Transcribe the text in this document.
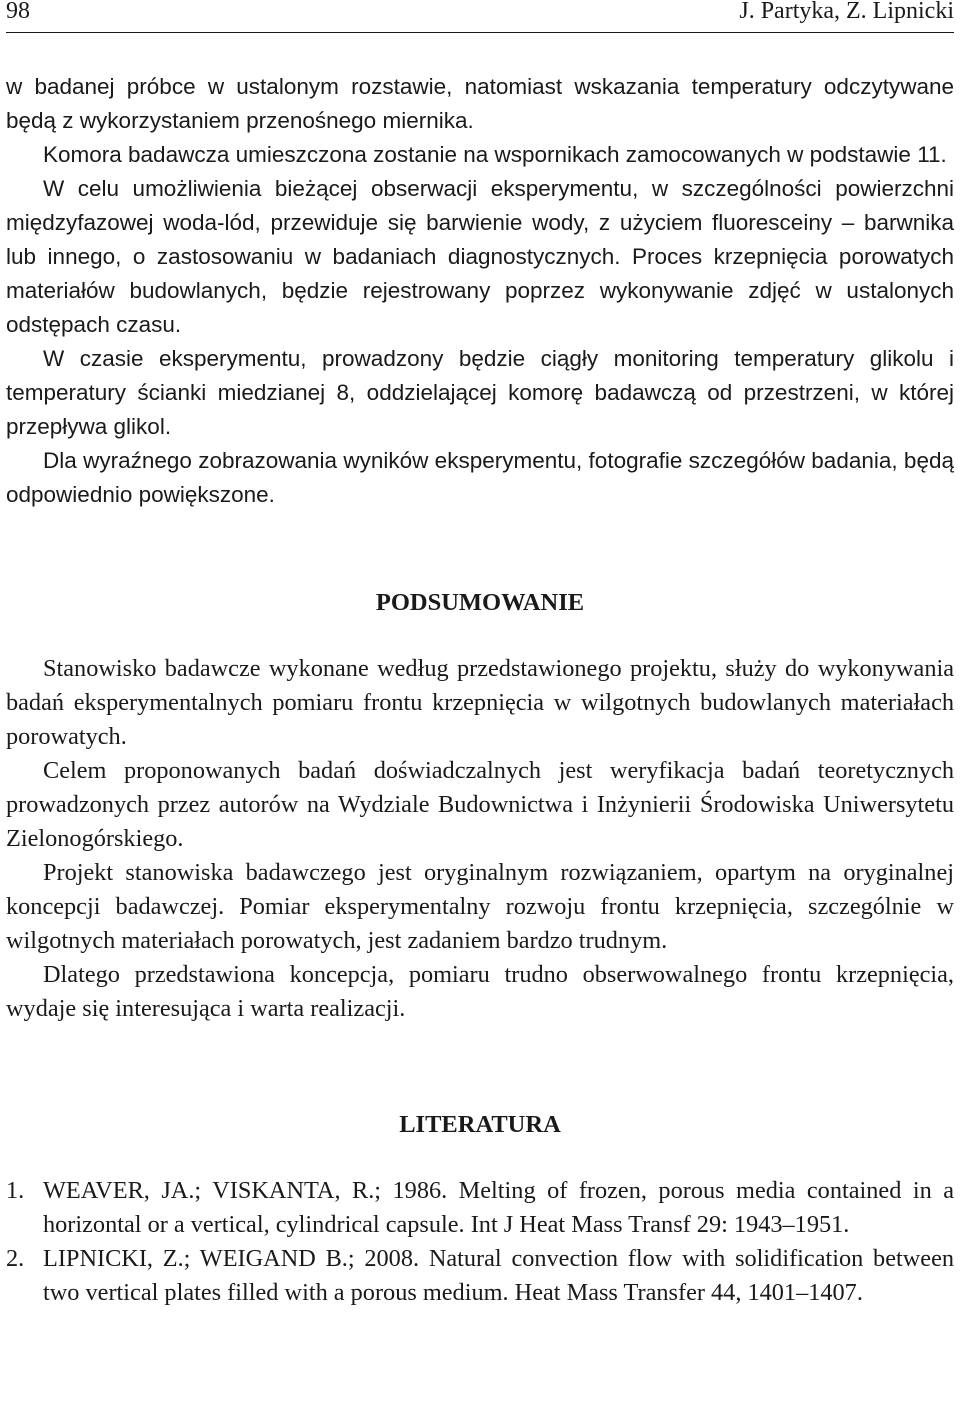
98	J. Partyka, Z. Lipnicki

w badanej próbce w ustalonym rozstawie, natomiast wskazania temperatury odczytywane będą z wykorzystaniem przenośnego miernika.

Komora badawcza umieszczona zostanie na wspornikach zamocowanych w podstawie 11.

W celu umożliwienia bieżącej obserwacji eksperymentu, w szczególności powierzchni międzyfazowej woda-lód, przewiduje się barwienie wody, z użyciem fluoresceiny – barwnika lub innego, o zastosowaniu w badaniach diagnostycznych. Proces krzepnięcia porowatych materiałów budowlanych, będzie rejestrowany poprzez wykonywanie zdjęć w ustalonych odstępach czasu.

W czasie eksperymentu, prowadzony będzie ciągły monitoring temperatury glikolu i temperatury ścianki miedzianej 8, oddzielającej komorę badawczą od przestrzeni, w której przepływa glikol.

Dla wyraźnego zobrazowania wyników eksperymentu, fotografie szczegółów badania, będą odpowiednio powiększone.

PODSUMOWANIE

Stanowisko badawcze wykonane według przedstawionego projektu, służy do wykonywania badań eksperymentalnych pomiaru frontu krzepnięcia w wilgotnych budowlanych materiałach porowatych.

Celem proponowanych badań doświadczalnych jest weryfikacja badań teoretycznych prowadzonych przez autorów na Wydziale Budownictwa i Inżynierii Środowiska Uniwersytetu Zielonogórskiego.

Projekt stanowiska badawczego jest oryginalnym rozwiązaniem, opartym na oryginalnej koncepcji badawczej. Pomiar eksperymentalny rozwoju frontu krzepnięcia, szczególnie w wilgotnych materiałach porowatych, jest zadaniem bardzo trudnym.

Dlatego przedstawiona koncepcja, pomiaru trudno obserwowalnego frontu krzepnięcia, wydaje się interesująca i warta realizacji.

LITERATURA
1. WEAVER, JA.; VISKANTA, R.; 1986. Melting of frozen, porous media contained in a horizontal or a vertical, cylindrical capsule. Int J Heat Mass Transf 29: 1943–1951.
2. LIPNICKI, Z.; WEIGAND B.; 2008. Natural convection flow with solidification between two vertical plates filled with a porous medium. Heat Mass Transfer 44, 1401–1407.
